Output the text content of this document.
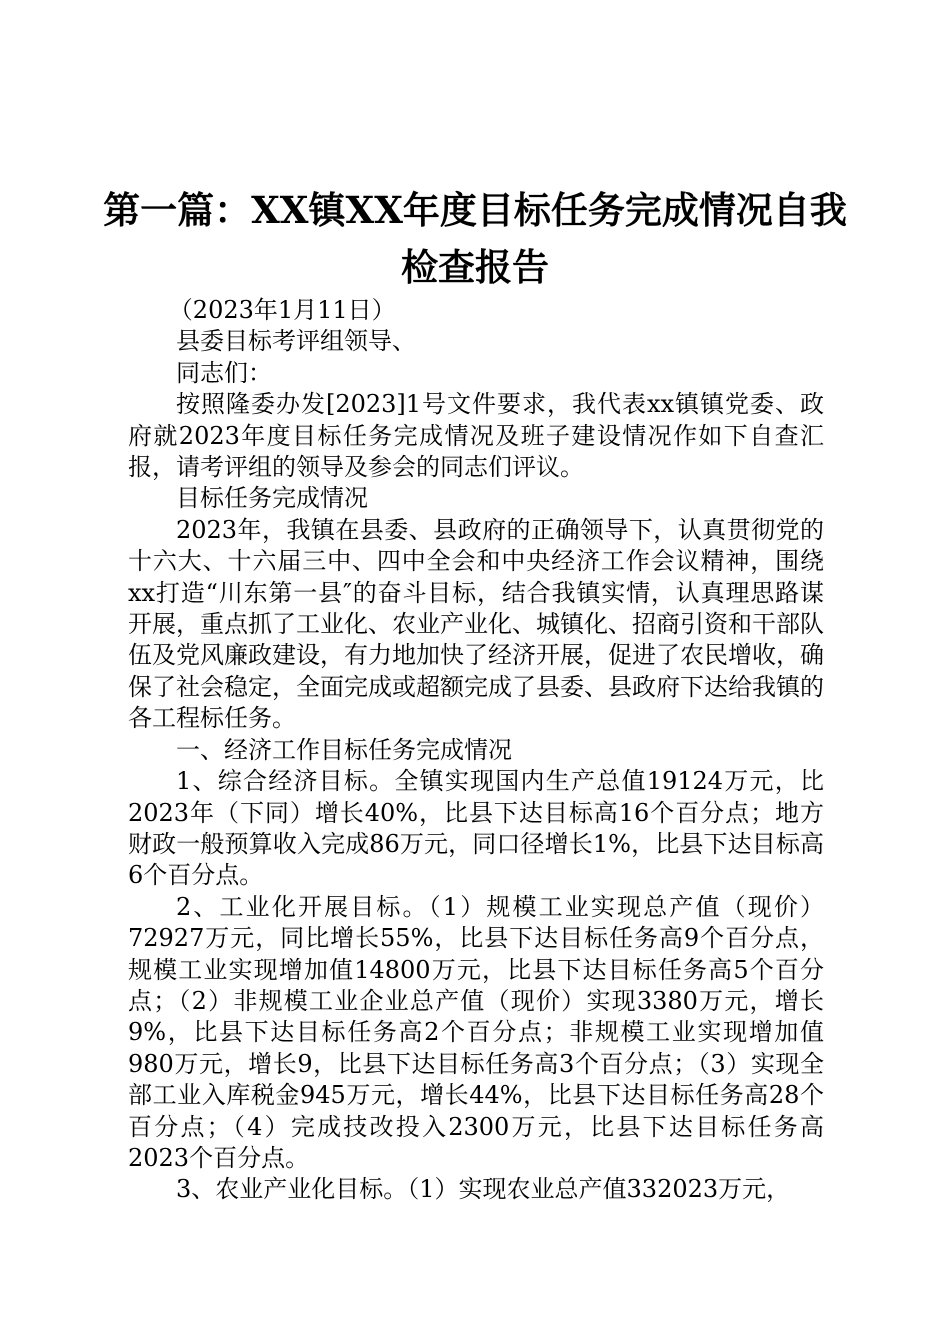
第一篇：XX镇XX年度目标任务完成情况自我
检查报告

（2023年1月11日）

县委目标考评组领导、

同志们：

按照隆委办发[2023]1号文件要求，我代表xx镇镇党委、政府就2023年度目标任务完成情况及班子建设情况作如下自查汇报，请考评组的领导及参会的同志们评议。

目标任务完成情况

2023年，我镇在县委、县政府的正确领导下，认真贯彻党的十六大、十六届三中、四中全会和中央经济工作会议精神，围绕xx打造“川东第一县″的奋斗目标，结合我镇实情，认真理思路谋开展，重点抓了工业化、农业产业化、城镇化、招商引资和干部队伍及党风廉政建设，有力地加快了经济开展，促进了农民增收，确保了社会稳定，全面完成或超额完成了县委、县政府下达给我镇的各工程标任务。

一、经济工作目标任务完成情况

1、综合经济目标。全镇实现国内生产总值19124万元，比2023年（下同）增长40%，比县下达目标高16个百分点；地方财政一般预算收入完成86万元，同口径增长1%，比县下达目标高6个百分点。

2、工业化开展目标。（1）规模工业实现总产值（现价）72927万元，同比增长55%，比县下达目标任务高9个百分点，规模工业实现增加值14800万元，比县下达目标任务高5个百分点；（2）非规模工业企业总产值（现价）实现3380万元，增长9%，比县下达目标任务高2个百分点；非规模工业实现增加值980万元，增长9，比县下达目标任务高3个百分点；（3）实现全部工业入库税金945万元，增长44%，比县下达目标任务高28个百分点；（4）完成技改投入2300万元，比县下达目标任务高2023个百分点。

3、农业产业化目标。（1）实现农业总产值332023万元，
